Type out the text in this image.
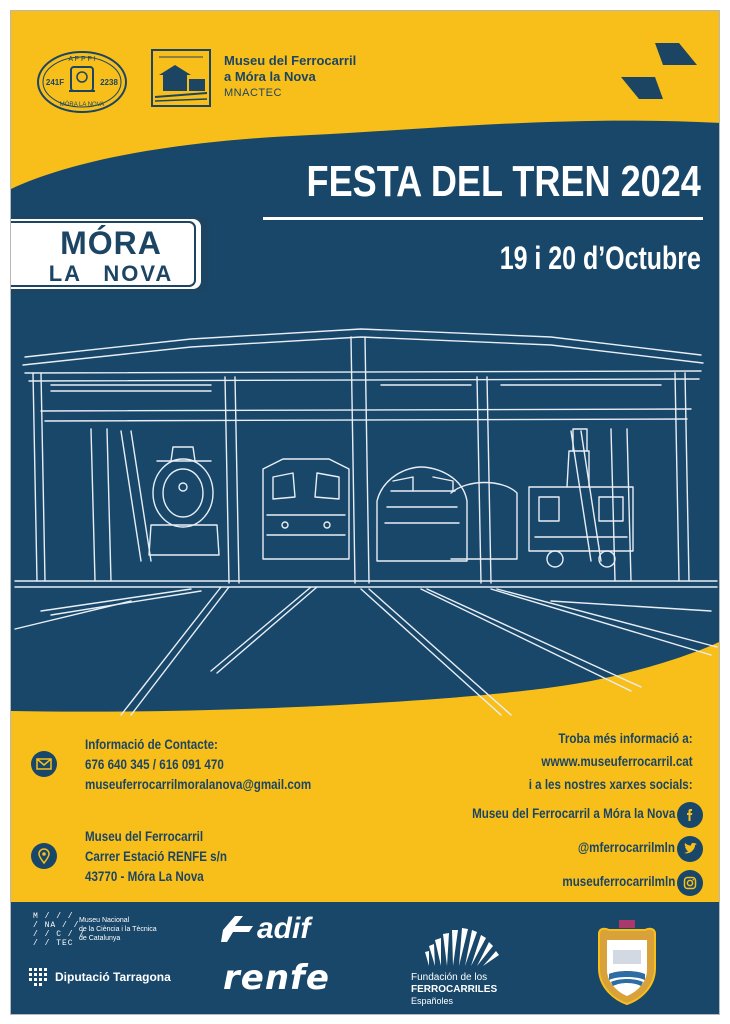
A P P F I
241F	2238
MÓRA LA NOVA
Museu del Ferrocarril
a Móra la Nova
MNACTEC
FESTA DEL TREN 2024
19 i 20 d’Octubre
MÓRA
LA NOVA
Informació de Contacte:
676 640 345 / 616 091 470
museuferrocarrilmoralanova@gmail.com
Museu del Ferrocarril
Carrer Estació RENFE s/n
43770 - Móra La Nova
Troba més informació a:
wwww.museuferrocarril.cat
i a les nostres xarxes socials:
Museu del Ferrocarril a Móra la Nova
@mferrocarrilmln
museuferrocarrilmln
M / / /
/ NA / /
/ / C / /
/ / TEC
Museu Nacional
de la Ciència i la Tècnica
de Catalunya
Diputació Tarragona
adif
renfe	Fundación de los
FERROCARRILES
Españoles
